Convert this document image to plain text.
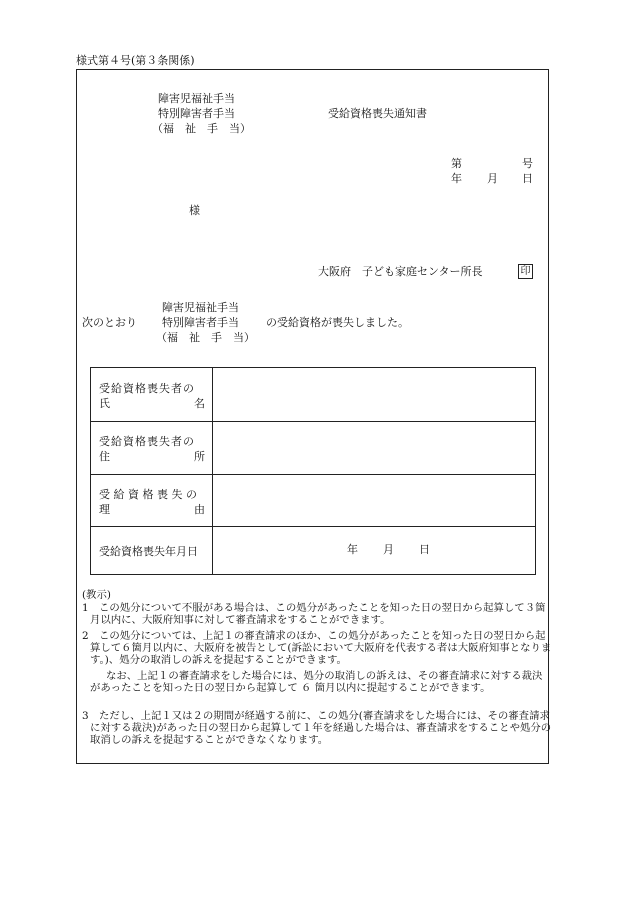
様式第４号(第３条関係)
障害児福祉手当
特別障害者手当
（福　祉　手　当）
受給資格喪失通知書
第	号
年 月 日
様
大阪府　子ども家庭センター所長	印
障害児福祉手当
次のとおり 特別障害者手当 の受給資格が喪失しました。
（福　祉　手　当）
受給資格喪失者の
氏	名
受給資格喪失者の
住	所
受 給 資 格 喪 失 の
理	由
受給資格喪失年月日	年 月 日
(教示)
1　この処分について不服がある場合は、この処分があったことを知った日の翌日から起算して３箇月以内に、大阪府知事に対して審査請求をすることができます。
2　この処分については、上記１の審査請求のほか、この処分があったことを知った日の翌日から起算して６箇月以内に、大阪府を被告として(訴訟において大阪府を代表する者は大阪府知事となります。)、処分の取消しの訴えを提起することができます。
なお、上記１の審査請求をした場合には、処分の取消しの訴えは、その審査請求に対する裁決があったことを知った日の翌日から起算して ６ 箇月以内に提起することができます。
3　ただし、上記１又は２の期間が経過する前に、この処分(審査請求をした場合には、その審査請求に対する裁決)があった日の翌日から起算して１年を経過した場合は、審査請求をすることや処分の取消しの訴えを提起することができなくなります。
